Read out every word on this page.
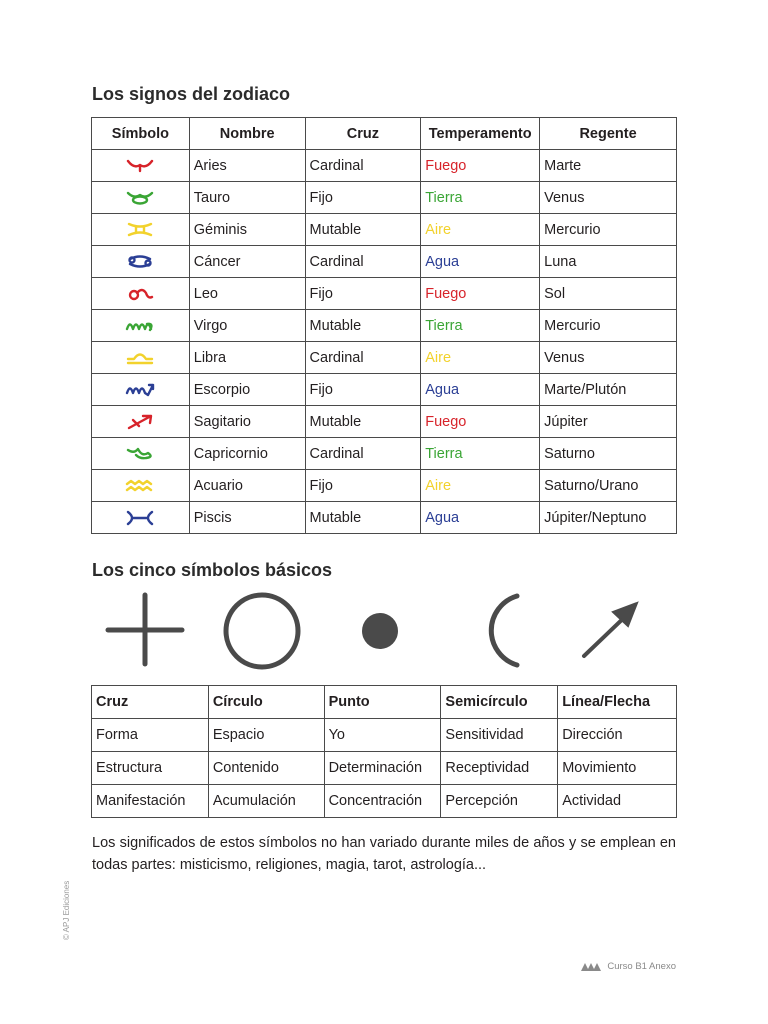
Los signos del zodiaco
Símbolo	Nombre	Cruz	Temperamento	Regente

	Aries	Cardinal	Fuego	Marte

	Tauro	Fijo	Tierra	Venus

	Géminis	Mutable	Aire	Mercurio

	Cáncer	Cardinal	Agua	Luna

	Leo	Fijo	Fuego	Sol

	Virgo	Mutable	Tierra	Mercurio

	Libra	Cardinal	Aire	Venus

	Escorpio	Fijo	Agua	Marte/Plutón

	Sagitario	Mutable	Fuego	Júpiter

	Capricornio	Cardinal	Tierra	Saturno

	Acuario	Fijo	Aire	Saturno/Urano

	Piscis	Mutable	Agua	Júpiter/Neptuno
Los cinco símbolos básicos
Cruz	Círculo	Punto	Semicírculo	Línea/Flecha
Forma	Espacio	Yo	Sensitividad	Dirección
Estructura	Contenido	Determinación	Receptividad	Movimiento
Manifestación	Acumulación	Concentración	Percepción	Actividad

Los significados de estos símbolos no han variado durante miles de años y se emplean en todas partes: misticismo, religiones, magia, tarot, astrología...

© APJ Ediciones
Curso B1 Anexo
